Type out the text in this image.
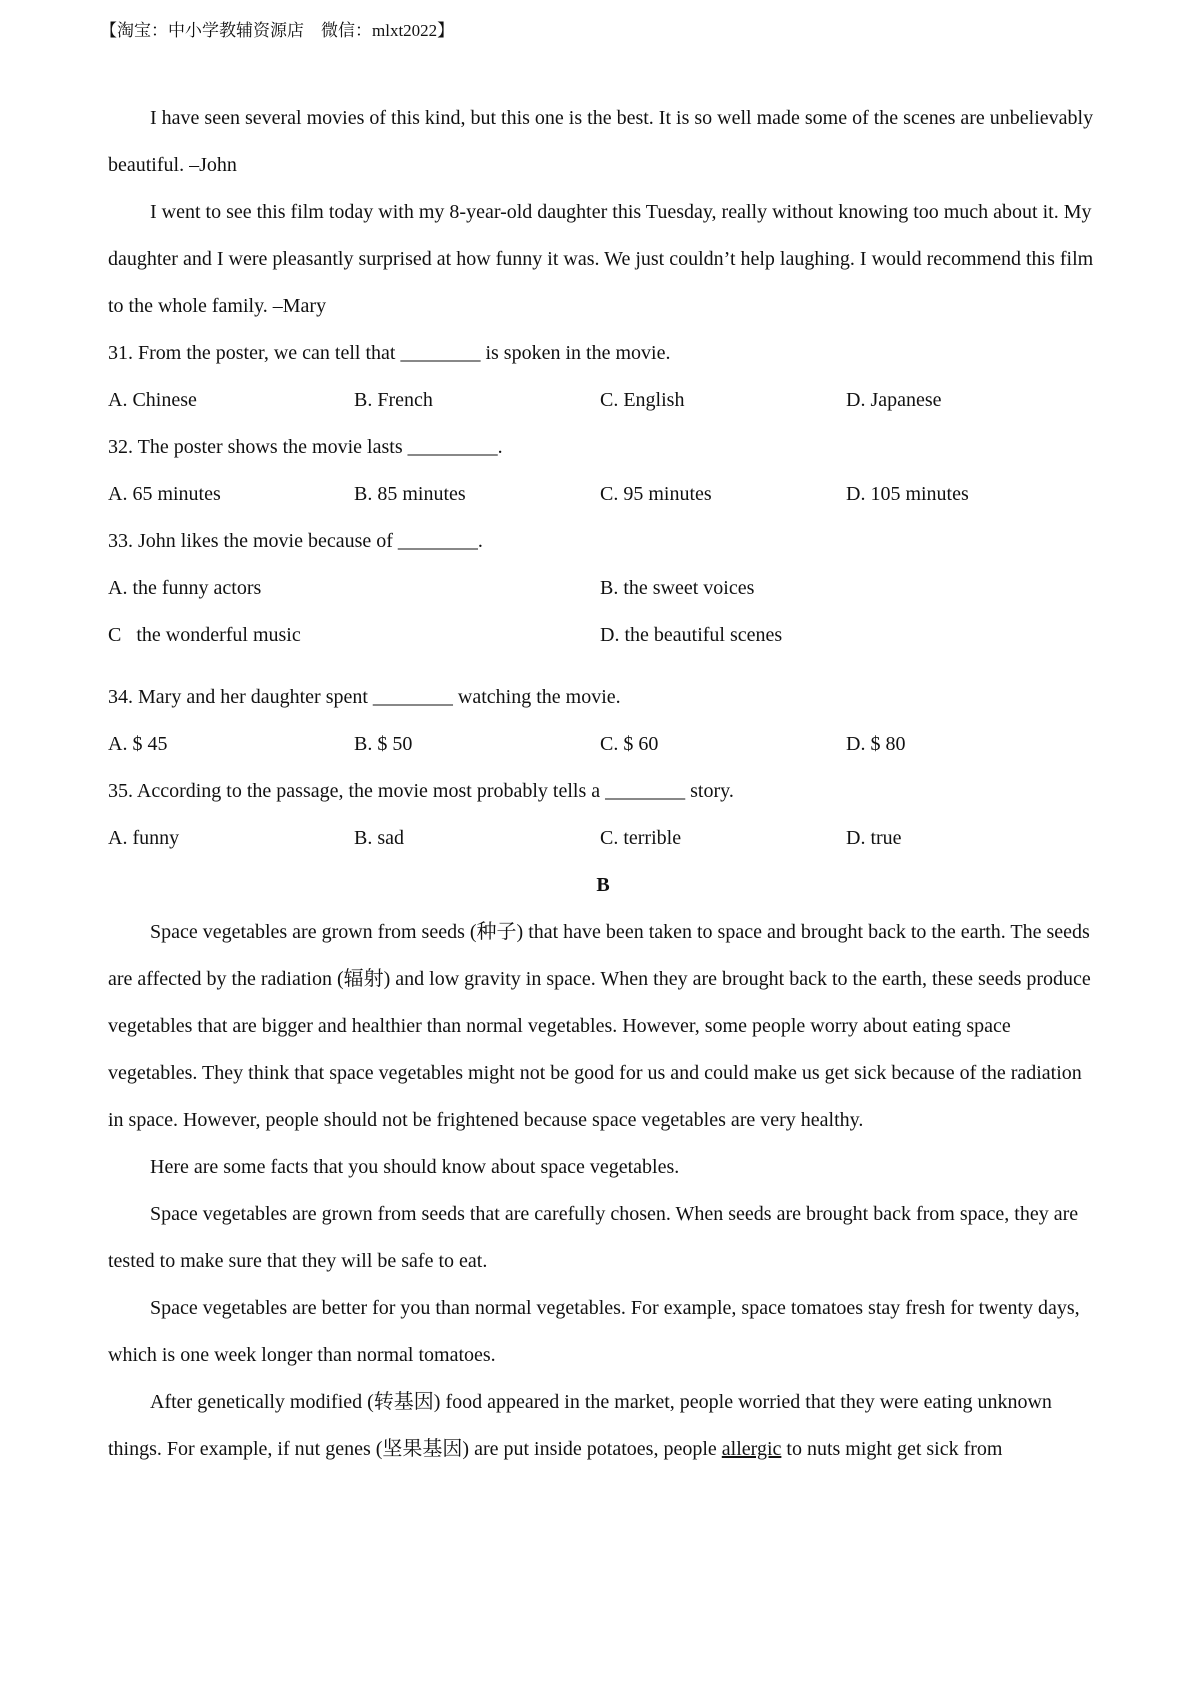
【淘宝：中小学教辅资源店　微信：mlxt2022】

I have seen several movies of this kind, but this one is the best. It is so well made some of the scenes are unbelievably beautiful. –John

I went to see this film today with my 8-year-old daughter this Tuesday, really without knowing too much about it. My daughter and I were pleasantly surprised at how funny it was. We just couldn’t help laughing. I would recommend this film to the whole family. –Mary

31. From the poster, we can tell that ________ is spoken in the movie.

A. Chinese	B. French	C. English	D. Japanese

32. The poster shows the movie lasts _________.

A. 65 minutes	B. 85 minutes	C. 95 minutes	D. 105 minutes

33. John likes the movie because of ________.

A. the funny actors	B. the sweet voices
C   the wonderful music	D. the beautiful scenes

34. Mary and her daughter spent ________ watching the movie.

A. $ 45	B. $ 50	C. $ 60	D. $ 80

35. According to the passage, the movie most probably tells a ________ story.

A. funny	B. sad	C. terrible	D. true
B

Space vegetables are grown from seeds (种子) that have been taken to space and brought back to the earth. The seeds are affected by the radiation (辐射) and low gravity in space. When they are brought back to the earth, these seeds produce vegetables that are bigger and healthier than normal vegetables. However, some people worry about eating space vegetables. They think that space vegetables might not be good for us and could make us get sick because of the radiation in space. However, people should not be frightened because space vegetables are very healthy.

Here are some facts that you should know about space vegetables.

Space vegetables are grown from seeds that are carefully chosen. When seeds are brought back from space, they are tested to make sure that they will be safe to eat.

Space vegetables are better for you than normal vegetables. For example, space tomatoes stay fresh for twenty days, which is one week longer than normal tomatoes.

After genetically modified (转基因) food appeared in the market, people worried that they were eating unknown things. For example, if nut genes (坚果基因) are put inside potatoes, people allergic to nuts might get sick from
